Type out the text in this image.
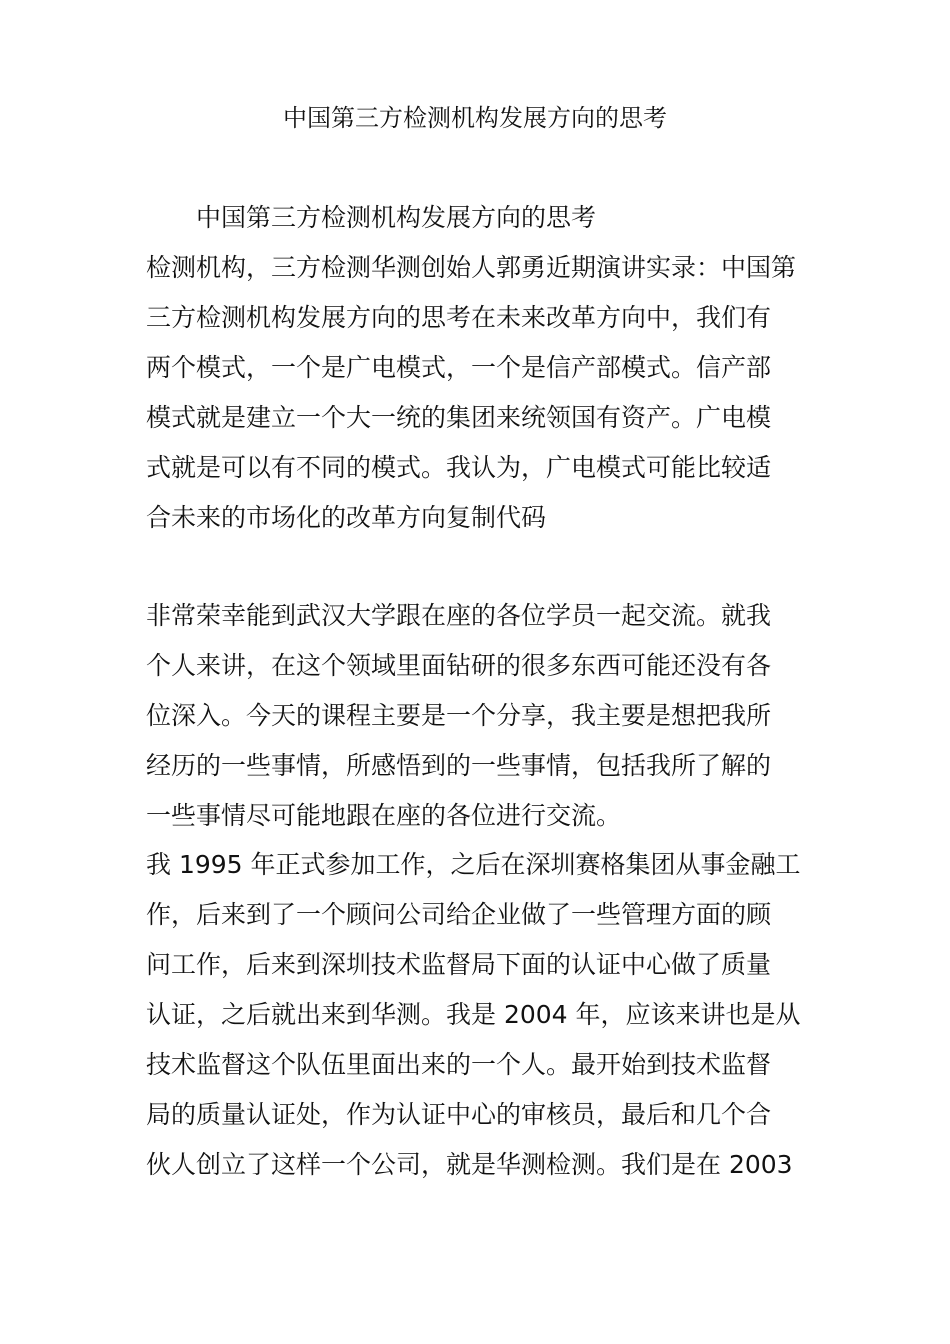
中国第三方检测机构发展方向的思考

中国第三方检测机构发展方向的思考

检测机构，三方检测华测创始人郭勇近期演讲实录：中国第

三方检测机构发展方向的思考在未来改革方向中，我们有

两个模式，一个是广电模式，一个是信产部模式。信产部

模式就是建立一个大一统的集团来统领国有资产。广电模

式就是可以有不同的模式。我认为，广电模式可能比较适

合未来的市场化的改革方向复制代码

非常荣幸能到武汉大学跟在座的各位学员一起交流。就我

个人来讲，在这个领域里面钻研的很多东西可能还没有各

位深入。今天的课程主要是一个分享，我主要是想把我所

经历的一些事情，所感悟到的一些事情，包括我所了解的

一些事情尽可能地跟在座的各位进行交流。

我 1995 年正式参加工作，之后在深圳赛格集团从事金融工

作，后来到了一个顾问公司给企业做了一些管理方面的顾

问工作，后来到深圳技术监督局下面的认证中心做了质量

认证，之后就出来到华测。我是 2004 年，应该来讲也是从

技术监督这个队伍里面出来的一个人。最开始到技术监督

局的质量认证处，作为认证中心的审核员，最后和几个合

伙人创立了这样一个公司，就是华测检测。我们是在 2003
